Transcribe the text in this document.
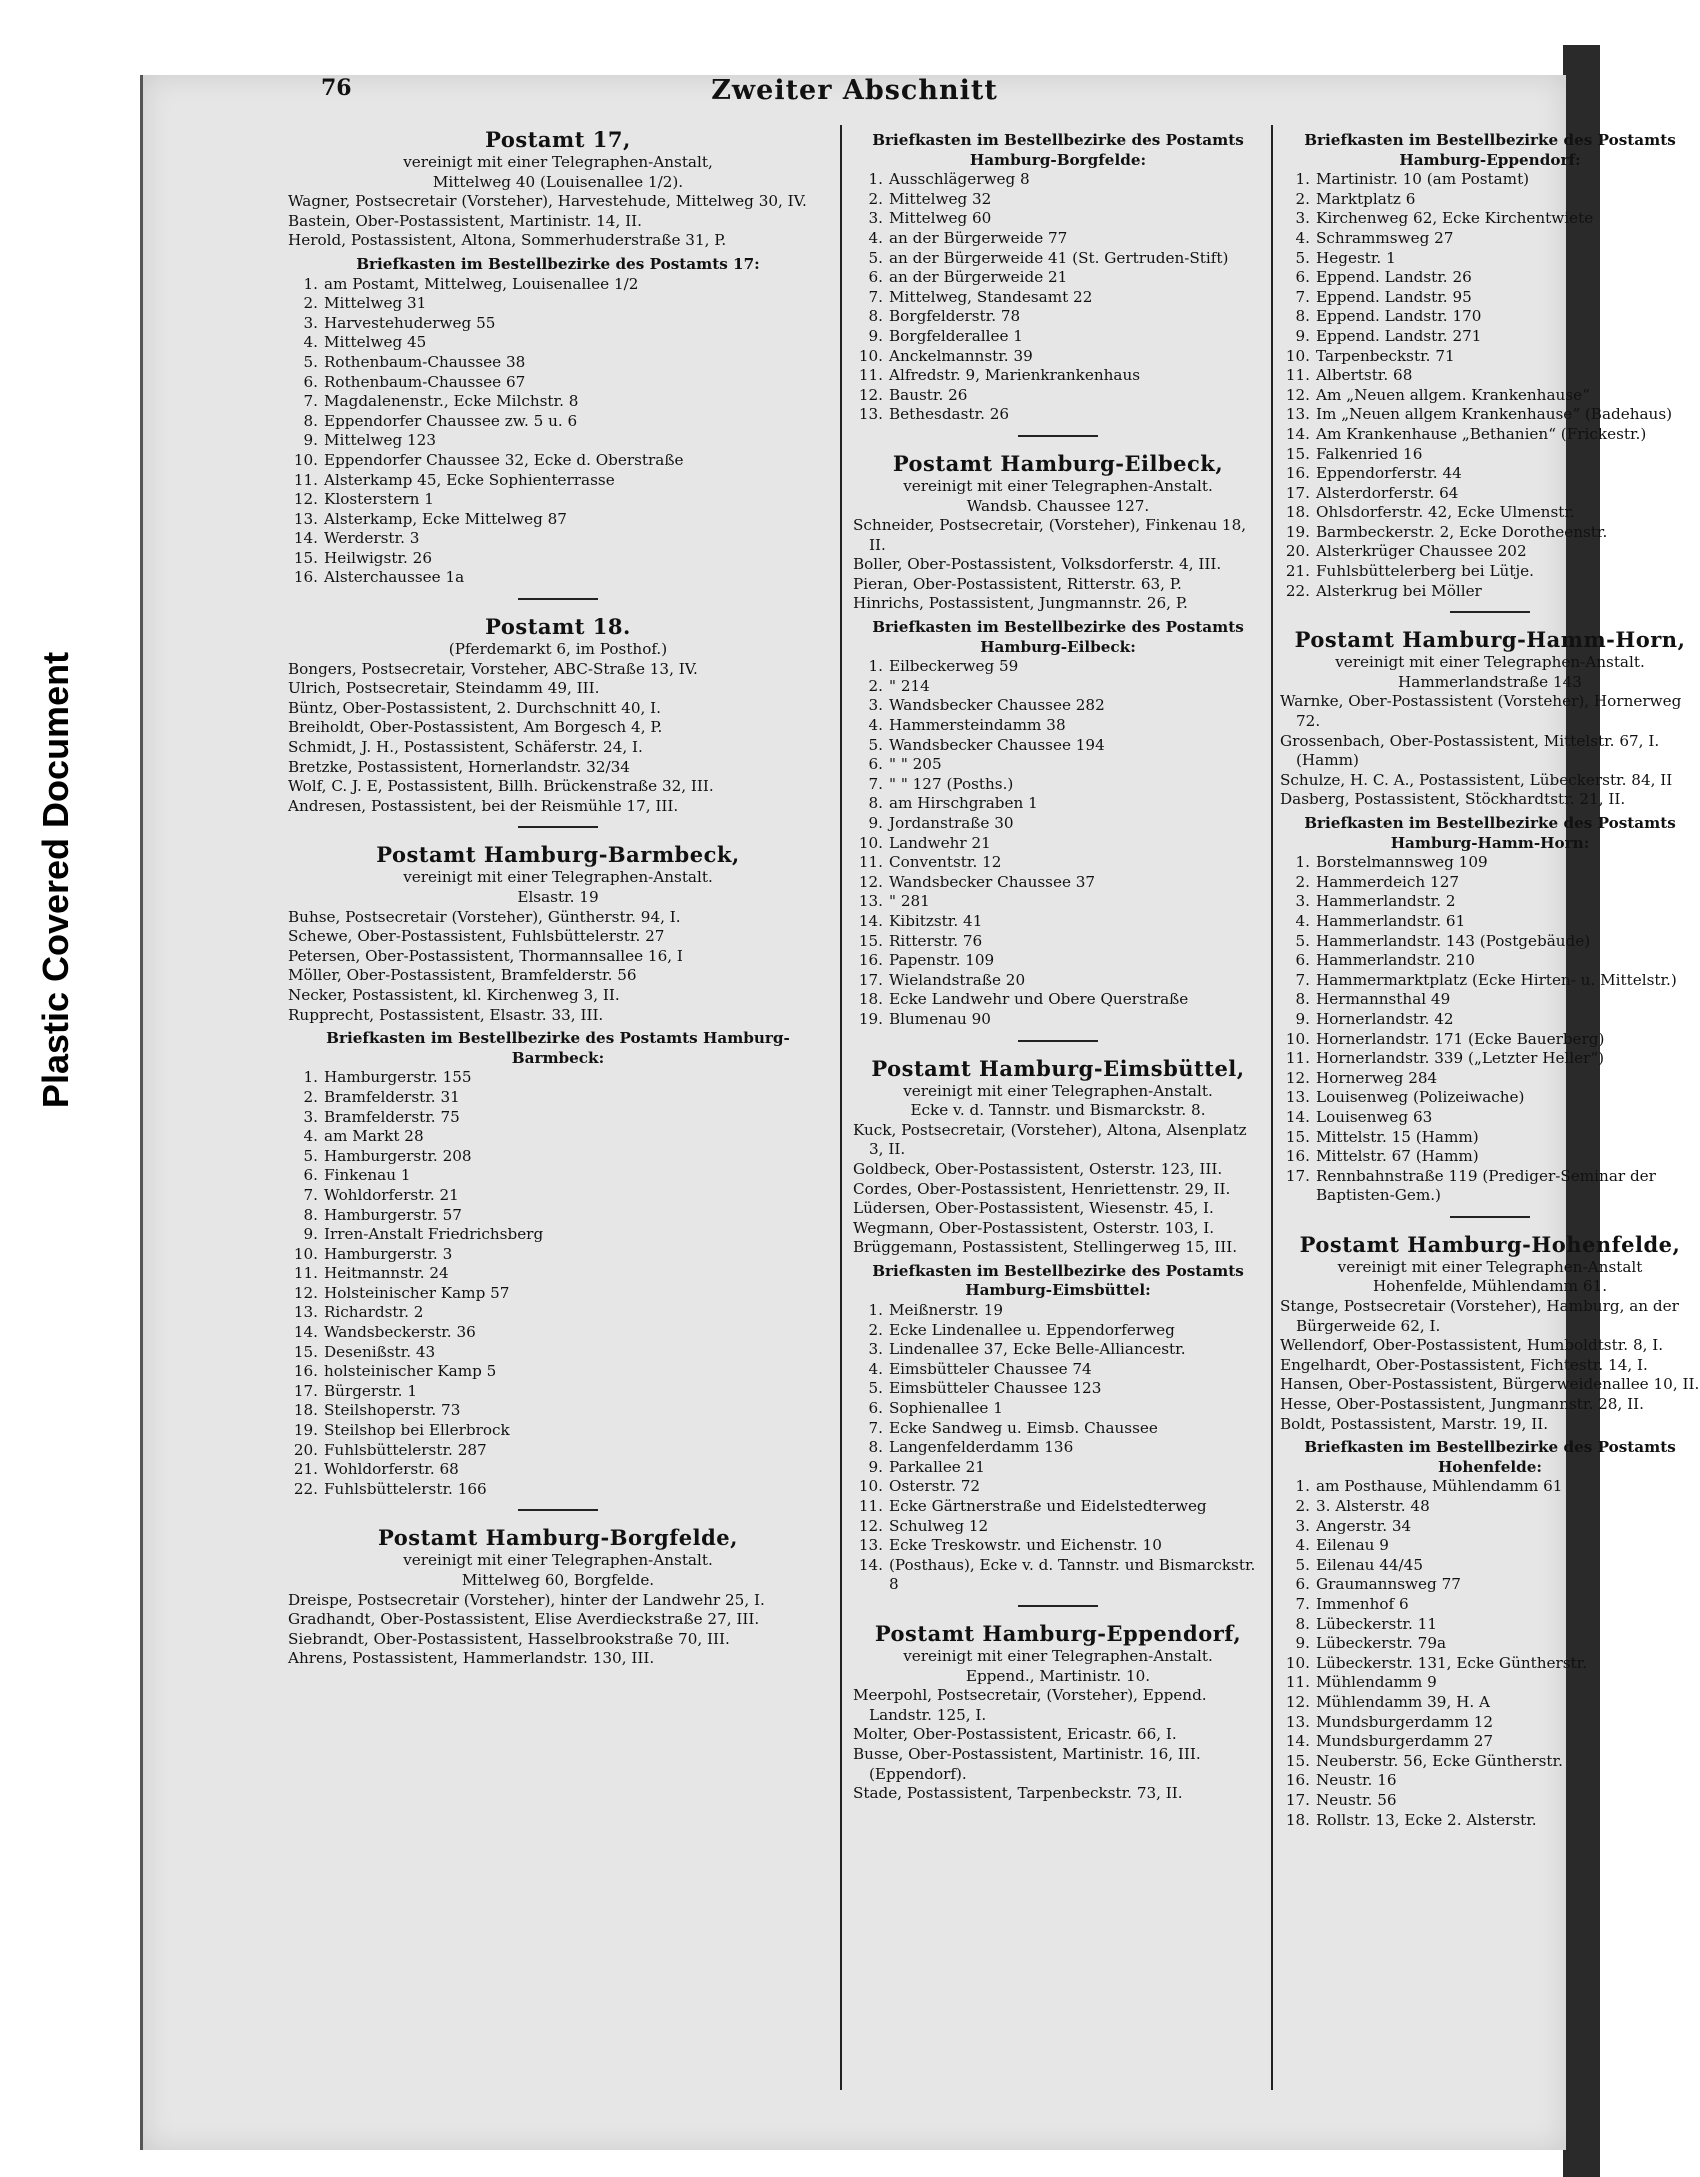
Plastic Covered Document
76	Zweiter Abschnitt
Postamt 17,
vereinigt mit einer Telegraphen-Anstalt,
Mittelweg 40 (Louisenallee 1/2).
Wagner, Postsecretair (Vorsteher), Harvestehude, Mittelweg 30, IV.
Bastein, Ober-Postassistent, Martinistr. 14, II.
Herold, Postassistent, Altona, Sommerhuderstraße 31, P.
Briefkasten im Bestellbezirke des Postamts 17:
1. am Postamt, Mittelweg, Louisenallee 1/2
2. Mittelweg 31
3. Harvestehuderweg 55
4. Mittelweg 45
5. Rothenbaum-Chaussee 38
6. Rothenbaum-Chaussee 67
7. Magdalenenstr., Ecke Milchstr. 8
8. Eppendorfer Chaussee zw. 5 u. 6
9. Mittelweg 123
10. Eppendorfer Chaussee 32, Ecke d. Oberstraße
11. Alsterkamp 45, Ecke Sophienterrasse
12. Klosterstern 1
13. Alsterkamp, Ecke Mittelweg 87
14. Werderstr. 3
15. Heilwigstr. 26
16. Alsterchaussee 1a
Postamt 18.
(Pferdemarkt 6, im Posthof.)
Bongers, Postsecretair, Vorsteher, ABC-Straße 13, IV.
Ulrich, Postsecretair, Steindamm 49, III.
Büntz, Ober-Postassistent, 2. Durchschnitt 40, I.
Breiholdt, Ober-Postassistent, Am Borgesch 4, P.
Schmidt, J. H., Postassistent, Schäferstr. 24, I.
Bretzke, Postassistent, Hornerlandstr. 32/34
Wolf, C. J. E, Postassistent, Billh. Brückenstraße 32, III.
Andresen, Postassistent, bei der Reismühle 17, III.
Postamt Hamburg-Barmbeck,
vereinigt mit einer Telegraphen-Anstalt.
Elsastr. 19
Buhse, Postsecretair (Vorsteher), Güntherstr. 94, I.
Schewe, Ober-Postassistent, Fuhlsbüttelerstr. 27
Petersen, Ober-Postassistent, Thormannsallee 16, I
Möller, Ober-Postassistent, Bramfelderstr. 56
Necker, Postassistent, kl. Kirchenweg 3, II.
Rupprecht, Postassistent, Elsastr. 33, III.
Briefkasten im Bestellbezirke des Postamts Hamburg-Barmbeck:
1. Hamburgerstr. 155
2. Bramfelderstr. 31
3. Bramfelderstr. 75
4. am Markt 28
5. Hamburgerstr. 208
6. Finkenau 1
7. Wohldorferstr. 21
8. Hamburgerstr. 57
9. Irren-Anstalt Friedrichsberg
10. Hamburgerstr. 3
11. Heitmannstr. 24
12. Holsteinischer Kamp 57
13. Richardstr. 2
14. Wandsbeckerstr. 36
15. Desenißstr. 43
16. holsteinischer Kamp 5
17. Bürgerstr. 1
18. Steilshoperstr. 73
19. Steilshop bei Ellerbrock
20. Fuhlsbüttelerstr. 287
21. Wohldorferstr. 68
22. Fuhlsbüttelerstr. 166
Postamt Hamburg-Borgfelde,
vereinigt mit einer Telegraphen-Anstalt.
Mittelweg 60, Borgfelde.
Dreispe, Postsecretair (Vorsteher), hinter der Landwehr 25, I.
Gradhandt, Ober-Postassistent, Elise Averdieckstraße 27, III.
Siebrandt, Ober-Postassistent, Hasselbrookstraße 70, III.
Ahrens, Postassistent, Hammerlandstr. 130, III.
Briefkasten im Bestellbezirke des Postamts Hamburg-Borgfelde:
1. Ausschlägerweg 8
2. Mittelweg 32
3. Mittelweg 60
4. an der Bürgerweide 77
5. an der Bürgerweide 41 (St. Gertruden-Stift)
6. an der Bürgerweide 21
7. Mittelweg, Standesamt 22
8. Borgfelderstr. 78
9. Borgfelderallee 1
10. Anckelmannstr. 39
11. Alfredstr. 9, Marienkrankenhaus
12. Baustr. 26
13. Bethesdastr. 26
Postamt Hamburg-Eilbeck,
vereinigt mit einer Telegraphen-Anstalt.
Wandsb. Chaussee 127.
Schneider, Postsecretair, (Vorsteher), Finkenau 18, II.
Boller, Ober-Postassistent, Volksdorferstr. 4, III.
Pieran, Ober-Postassistent, Ritterstr. 63, P.
Hinrichs, Postassistent, Jungmannstr. 26, P.
Briefkasten im Bestellbezirke des Postamts Hamburg-Eilbeck:
1. Eilbeckerweg 59
2. " 214
3. Wandsbecker Chaussee 282
4. Hammersteindamm 38
5. Wandsbecker Chaussee 194
6. " " 205
7. " " 127 (Posths.)
8. am Hirschgraben 1
9. Jordanstraße 30
10. Landwehr 21
11. Conventstr. 12
12. Wandsbecker Chaussee 37
13. " 281
14. Kibitzstr. 41
15. Ritterstr. 76
16. Papenstr. 109
17. Wielandstraße 20
18. Ecke Landwehr und Obere Querstraße
19. Blumenau 90
Postamt Hamburg-Eimsbüttel,
vereinigt mit einer Telegraphen-Anstalt.
Ecke v. d. Tannstr. und Bismarckstr. 8.
Kuck, Postsecretair, (Vorsteher), Altona, Alsenplatz 3, II.
Goldbeck, Ober-Postassistent, Osterstr. 123, III.
Cordes, Ober-Postassistent, Henriettenstr. 29, II.
Lüdersen, Ober-Postassistent, Wiesenstr. 45, I.
Wegmann, Ober-Postassistent, Osterstr. 103, I.
Brüggemann, Postassistent, Stellingerweg 15, III.
Briefkasten im Bestellbezirke des Postamts Hamburg-Eimsbüttel:
1. Meißnerstr. 19
2. Ecke Lindenallee u. Eppendorferweg
3. Lindenallee 37, Ecke Belle-Alliancestr.
4. Eimsbütteler Chaussee 74
5. Eimsbütteler Chaussee 123
6. Sophienallee 1
7. Ecke Sandweg u. Eimsb. Chaussee
8. Langenfelderdamm 136
9. Parkallee 21
10. Osterstr. 72
11. Ecke Gärtnerstraße und Eidelstedterweg
12. Schulweg 12
13. Ecke Treskowstr. und Eichenstr. 10
14. (Posthaus), Ecke v. d. Tannstr. und Bismarckstr. 8
Postamt Hamburg-Eppendorf,
vereinigt mit einer Telegraphen-Anstalt.
Eppend., Martinistr. 10.
Meerpohl, Postsecretair, (Vorsteher), Eppend. Landstr. 125, I.
Molter, Ober-Postassistent, Ericastr. 66, I.
Busse, Ober-Postassistent, Martinistr. 16, III. (Eppendorf).
Stade, Postassistent, Tarpenbeckstr. 73, II.
Briefkasten im Bestellbezirke des Postamts Hamburg-Eppendorf:
1. Martinistr. 10 (am Postamt)
2. Marktplatz 6
3. Kirchenweg 62, Ecke Kirchentwiete
4. Schrammsweg 27
5. Hegestr. 1
6. Eppend. Landstr. 26
7. Eppend. Landstr. 95
8. Eppend. Landstr. 170
9. Eppend. Landstr. 271
10. Tarpenbeckstr. 71
11. Albertstr. 68
12. Am „Neuen allgem. Krankenhause“
13. Im „Neuen allgem Krankenhause“ (Badehaus)
14. Am Krankenhause „Bethanien“ (Frickestr.)
15. Falkenried 16
16. Eppendorferstr. 44
17. Alsterdorferstr. 64
18. Ohlsdorferstr. 42, Ecke Ulmenstr.
19. Barmbeckerstr. 2, Ecke Dorotheenstr.
20. Alsterkrüger Chaussee 202
21. Fuhlsbüttelerberg bei Lütje.
22. Alsterkrug bei Möller
Postamt Hamburg-Hamm-Horn,
vereinigt mit einer Telegraphen-Anstalt.
Hammerlandstraße 143
Warnke, Ober-Postassistent (Vorsteher), Hornerweg 72.
Grossenbach, Ober-Postassistent, Mittelstr. 67, I. (Hamm)
Schulze, H. C. A., Postassistent, Lübeckerstr. 84, II
Dasberg, Postassistent, Stöckhardtstr. 21, II.
Briefkasten im Bestellbezirke des Postamts Hamburg-Hamm-Horn:
1. Borstelmannsweg 109
2. Hammerdeich 127
3. Hammerlandstr. 2
4. Hammerlandstr. 61
5. Hammerlandstr. 143 (Postgebäude)
6. Hammerlandstr. 210
7. Hammermarktplatz (Ecke Hirten- u. Mittelstr.)
8. Hermannsthal 49
9. Hornerlandstr. 42
10. Hornerlandstr. 171 (Ecke Bauerberg)
11. Hornerlandstr. 339 („Letzter Heller“)
12. Hornerweg 284
13. Louisenweg (Polizeiwache)
14. Louisenweg 63
15. Mittelstr. 15 (Hamm)
16. Mittelstr. 67 (Hamm)
17. Rennbahnstraße 119 (Prediger-Seminar der Baptisten-Gem.)
Postamt Hamburg-Hohenfelde,
vereinigt mit einer Telegraphen-Anstalt
Hohenfelde, Mühlendamm 61.
Stange, Postsecretair (Vorsteher), Hamburg, an der Bürgerweide 62, I.
Wellendorf, Ober-Postassistent, Humboldtstr. 8, I.
Engelhardt, Ober-Postassistent, Fichtestr. 14, I.
Hansen, Ober-Postassistent, Bürgerweidenallee 10, II.
Hesse, Ober-Postassistent, Jungmannstr. 28, II.
Boldt, Postassistent, Marstr. 19, II.
Briefkasten im Bestellbezirke des Postamts Hohenfelde:
1. am Posthause, Mühlendamm 61
2. 3. Alsterstr. 48
3. Angerstr. 34
4. Eilenau 9
5. Eilenau 44/45
6. Graumannsweg 77
7. Immenhof 6
8. Lübeckerstr. 11
9. Lübeckerstr. 79a
10. Lübeckerstr. 131, Ecke Güntherstr.
11. Mühlendamm 9
12. Mühlendamm 39, H. A
13. Mundsburgerdamm 12
14. Mundsburgerdamm 27
15. Neuberstr. 56, Ecke Güntherstr.
16. Neustr. 16
17. Neustr. 56
18. Rollstr. 13, Ecke 2. Alsterstr.
